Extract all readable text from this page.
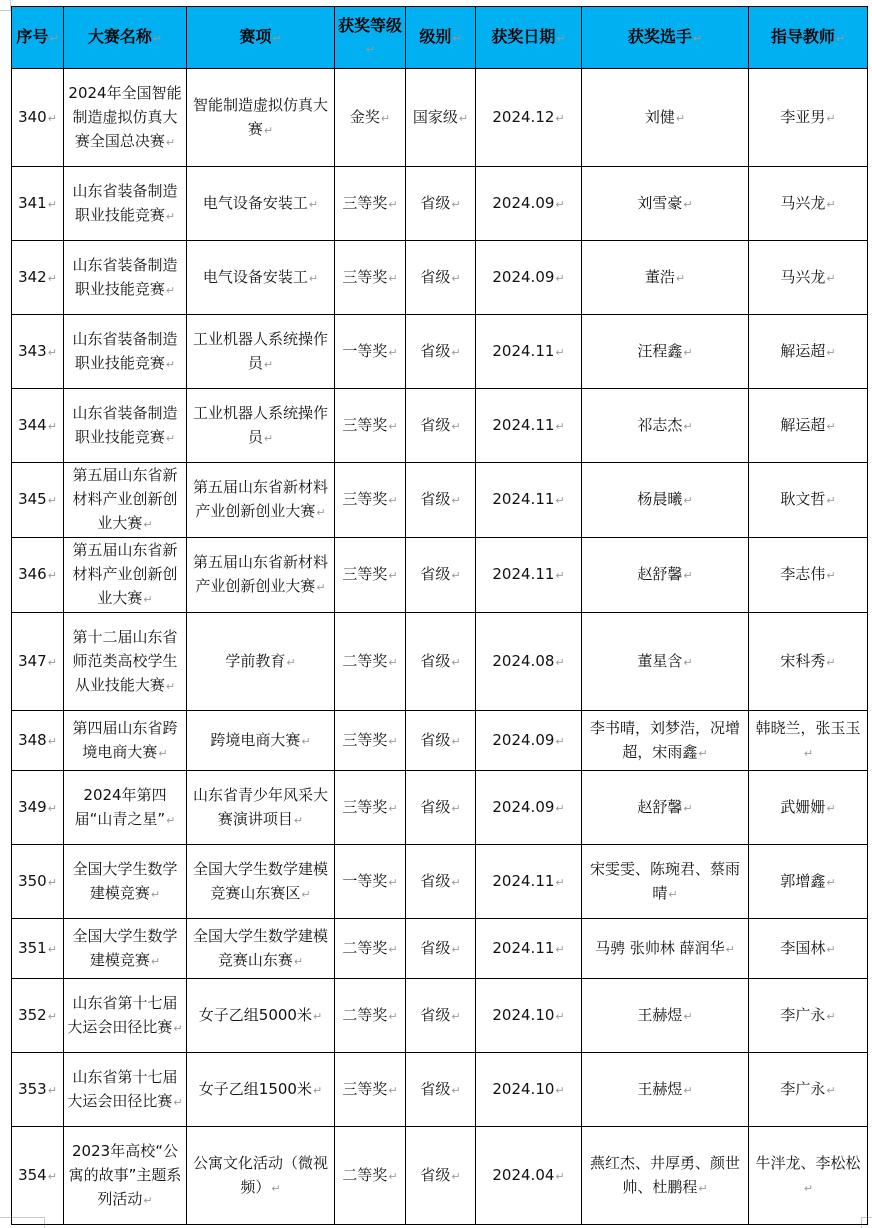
序号 ↵	大赛名称 ↵	赛项 ↵	获奖等级 ↵	级别 ↵	获奖日期 ↵	获奖选手 ↵	指导教师 ↵
340 ↵	2024年全国智能制造虚拟仿真大赛全国总决赛 ↵	智能制造虚拟仿真大赛 ↵	金奖 ↵	国家级 ↵	2024.12 ↵	刘健 ↵	李亚男 ↵
341 ↵	山东省装备制造职业技能竞赛 ↵	电气设备安装工 ↵	三等奖 ↵	省级 ↵	2024.09 ↵	刘雪豪 ↵	马兴龙 ↵
342 ↵	山东省装备制造职业技能竞赛 ↵	电气设备安装工 ↵	三等奖 ↵	省级 ↵	2024.09 ↵	董浩 ↵	马兴龙 ↵
343 ↵	山东省装备制造职业技能竞赛 ↵	工业机器人系统操作员 ↵	一等奖 ↵	省级 ↵	2024.11 ↵	汪程鑫 ↵	解运超 ↵
344 ↵	山东省装备制造职业技能竞赛 ↵	工业机器人系统操作员 ↵	三等奖 ↵	省级 ↵	2024.11 ↵	祁志杰 ↵	解运超 ↵
345 ↵	第五届山东省新材料产业创新创业大赛 ↵	第五届山东省新材料产业创新创业大赛 ↵	三等奖 ↵	省级 ↵	2024.11 ↵	杨晨曦 ↵	耿文哲 ↵
346 ↵	第五届山东省新材料产业创新创业大赛 ↵	第五届山东省新材料产业创新创业大赛 ↵	三等奖 ↵	省级 ↵	2024.11 ↵	赵舒馨 ↵	李志伟 ↵
347 ↵	第十二届山东省师范类高校学生从业技能大赛 ↵	学前教育 ↵	二等奖 ↵	省级 ↵	2024.08 ↵	董星含 ↵	宋科秀 ↵
348 ↵	第四届山东省跨境电商大赛 ↵	跨境电商大赛 ↵	三等奖 ↵	省级 ↵	2024.09 ↵	李书晴，刘梦浩，况增超，宋雨鑫 ↵	韩晓兰，张玉玉 ↵
349 ↵	2024年第四届“山青之星” ↵	山东省青少年风采大赛演讲项目 ↵	三等奖 ↵	省级 ↵	2024.09 ↵	赵舒馨 ↵	武姗姗 ↵
350 ↵	全国大学生数学建模竞赛 ↵	全国大学生数学建模竞赛山东赛区 ↵	一等奖 ↵	省级 ↵	2024.11 ↵	宋雯雯、陈琬君、蔡雨晴 ↵	郭增鑫 ↵
351 ↵	全国大学生数学建模竞赛 ↵	全国大学生数学建模竞赛山东赛 ↵	二等奖 ↵	省级 ↵	2024.11 ↵	马骋 张帅林 薛润华 ↵	李国林 ↵
352 ↵	山东省第十七届大运会田径比赛 ↵	女子乙组5000米 ↵	二等奖 ↵	省级 ↵	2024.10 ↵	王赫煜 ↵	李广永 ↵
353 ↵	山东省第十七届大运会田径比赛 ↵	女子乙组1500米 ↵	三等奖 ↵	省级 ↵	2024.10 ↵	王赫煜 ↵	李广永 ↵
354 ↵	2023年高校“公寓的故事”主题系列活动 ↵	公寓文化活动（微视频） ↵	二等奖 ↵	省级 ↵	2024.04 ↵	燕红杰、井厚勇、颜世帅、杜鹏程 ↵	牛泮龙、李松松 ↵
